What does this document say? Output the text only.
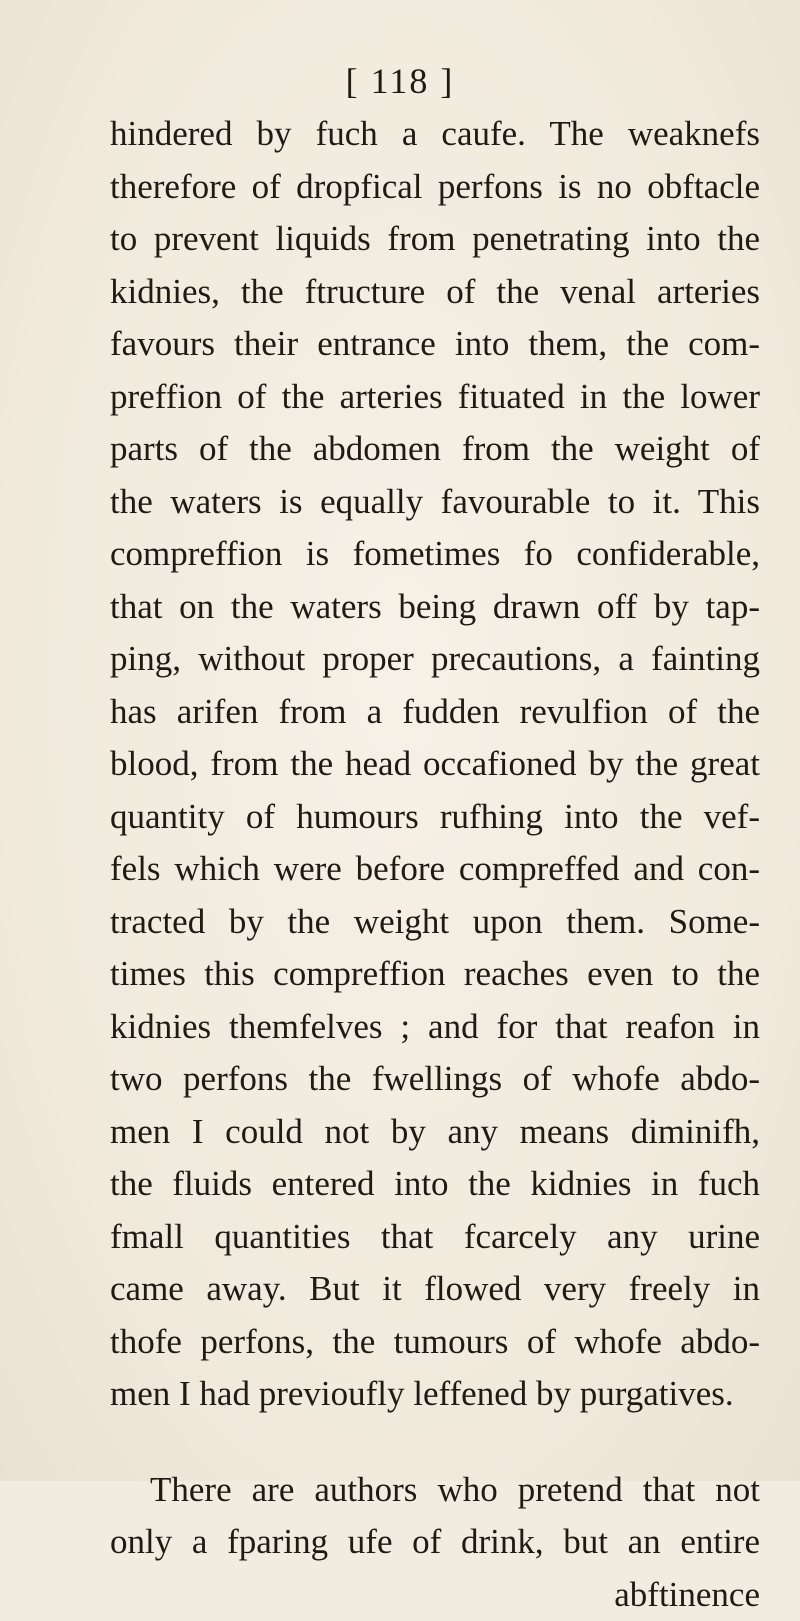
[ 118 ]
hindered by fuch a caufe. The weaknefs
therefore of dropfical perfons is no obftacle
to prevent liquids from penetrating into the
kidnies, the ftructure of the venal arteries
favours their entrance into them, the com-
preffion of the arteries fituated in the lower
parts of the abdomen from the weight of
the waters is equally favourable to it. This
compreffion is fometimes fo confiderable,
that on the waters being drawn off by tap-
ping, without proper precautions, a fainting
has arifen from a fudden revulfion of the
blood, from the head occafioned by the great
quantity of humours rufhing into the vef-
fels which were before compreffed and con-
tracted by the weight upon them. Some-
times this compreffion reaches even to the
kidnies themfelves ; and for that reafon in
two perfons the fwellings of whofe abdo-
men I could not by any means diminifh,
the fluids entered into the kidnies in fuch
fmall quantities that fcarcely any urine
came away. But it flowed very freely in
thofe perfons, the tumours of whofe abdo-
men I had previoufly leffened by purgatives.
There are authors who pretend that not
only a fparing ufe of drink, but an entire
abftinence
